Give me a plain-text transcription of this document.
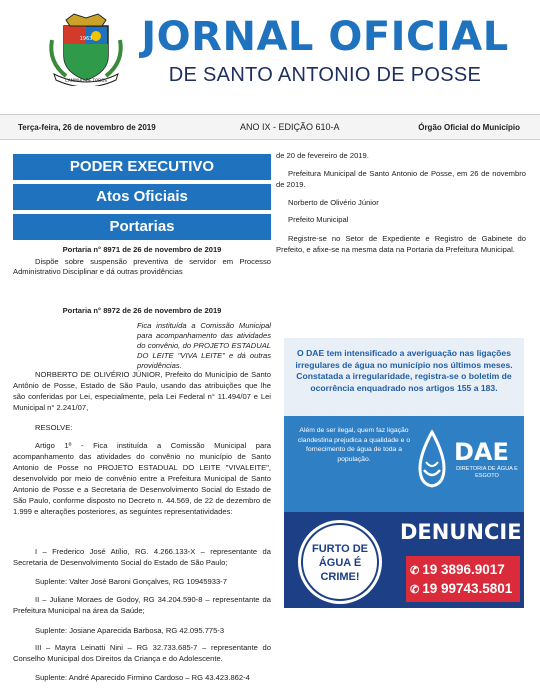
CAMINHO DE TODOS
1963 JORNAL OFICIAL
DE SANTO ANTONIO DE POSSE
Terça-feira, 26 de novembro de 2019	ANO IX - EDIÇÃO 610-A	Órgão Oficial do Município
PODER EXECUTIVO
Atos Oficiais
Portarias
Portaria n° 8971 de 26 de novembro de 2019
Dispõe sobre suspensão preventiva de servidor em Processo Administrativo Disciplinar e dá outras providências
Portaria n° 8972 de 26 de novembro de 2019
Fica instituída a Comissão Municipal para acompanhamento das atividades do convênio, do PROJETO ESTADUAL DO LEITE "VIVA LEITE" e dá outras providências.
NORBERTO DE OLIVÉRIO JÚNIOR, Prefeito do Município de Santo Antônio de Posse, Estado de São Paulo, usando das atribuições que lhe são conferidas por Lei, especialmente, pela Lei Federal n° 11.494/07 e Lei Municipal n° 2.241/07,
RESOLVE:
Artigo 1º - Fica instituída a Comissão Municipal para acompanhamento das atividades do convênio no município de Santo Antonio de Posse no PROJETO ESTADUAL DO LEITE "VIVALEITE", desenvolvido por meio de convênio entre a Prefeitura Municipal de Santo Antonio de Posse e a Secretaria de Desenvolvimento Social do Estado de São Paulo, conforme disposto no Decreto n. 44.569, de 22 de dezembro de 1.999 e alterações posteriores, as seguintes representatividades:
I – Frederico José Atílio, RG. 4.266.133-X – representante da Secretaria de Desenvolvimento Social do Estado de São Paulo;
Suplente: Valter José Baroni Gonçalves, RG 10945933-7
II – Juliane Moraes de Godoy, RG 34.204.590-8 – representante da Prefeitura Municipal na área da Saúde;
Suplente: Josiane Aparecida Barbosa, RG 42.095.775-3
III – Mayra Leinatti Nini – RG 32.733.685-7 – representante do Conselho Municipal dos Direitos da Criança e do Adolescente.
Suplente: André Aparecido Firmino Cardoso – RG 43.423.862-4
de 20 de fevereiro de 2019.
Prefeitura Municipal de Santo Antonio de Posse, em 26 de novembro de 2019.
Norberto de Olivério Júnior
Prefeito Municipal
Registre-se no Setor de Expediente e Registro de Gabinete do Prefeito, e afixe-se na mesma data na Portaria da Prefeitura Municipal.
O DAE tem intensificado a averiguação nas ligações irregulares de água no município nos últimos meses. Constatada a irregularidade, registra-se o boletim de ocorrência enquadrado nos artigos 155 a 183.
Além de ser ilegal, quem faz ligação clandestina prejudica a qualidade e o fornecimento de água de toda a população.	DAE
DIRETORIA DE ÁGUA E ESGOTO
FURTO DE ÁGUA É CRIME!
DENUNCIE
✆ 19 3896.9017
✆ 19 99743.5801
